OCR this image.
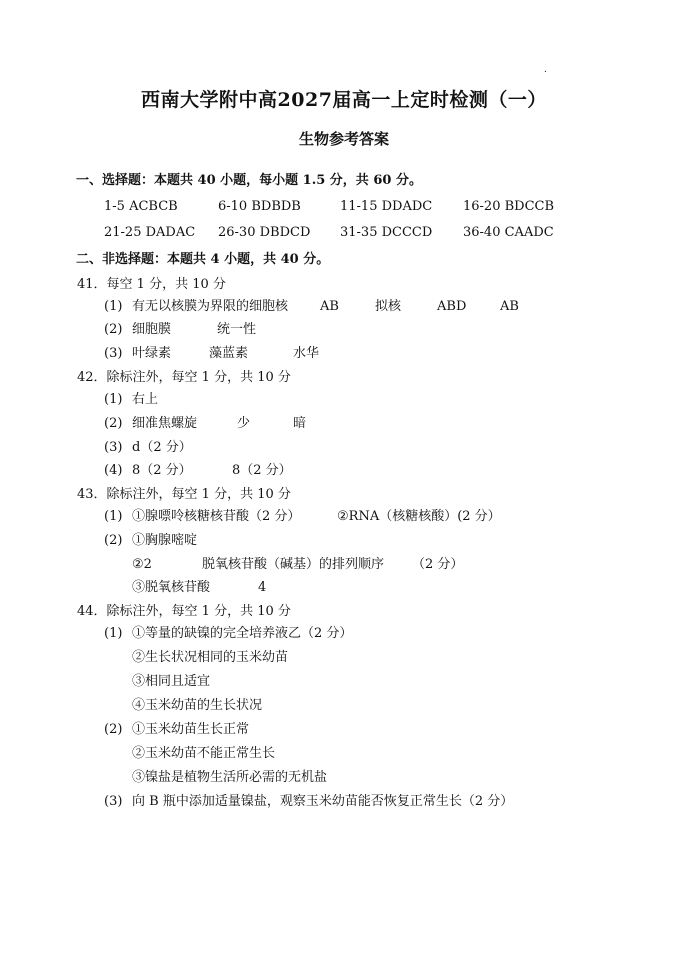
.
西南大学附中高2027届高一上定时检测（一）
生物参考答案
一、选择题：本题共 40 小题，每小题 1.5 分，共 60 分。
1-5 ACBCB	6-10 BDBDB	11-15 DDADC 16-20 BDCCB
21-25 DADAC 26-30 DBDCD 31-35 DCCCD 36-40 CAADC
二、非选择题：本题共 4 小题，共 40 分。
41．每空 1 分，共 10 分
(1) 有无以核膜为界限的细胞核 AB	拟核	ABD	AB
(2) 细胞膜	统一性
(3) 叶绿素	藻蓝素	水华
42．除标注外，每空 1 分，共 10 分
(1) 右上
(2) 细准焦螺旋	少	暗
(3) d（2 分）
(4) 8（2 分）	8（2 分）
43．除标注外，每空 1 分，共 10 分
(1) ①腺嘌呤核糖核苷酸（2 分）	②RNA（核糖核酸）(2 分）
(2) ①胸腺嘧啶
②2	脱氧核苷酸（碱基）的排列顺序 （2 分）
③脱氧核苷酸	4
44．除标注外，每空 1 分，共 10 分
(1) ①等量的缺镍的完全培养液乙（2 分）
②生长状况相同的玉米幼苗
③相同且适宜
④玉米幼苗的生长状况
(2) ①玉米幼苗生长正常
②玉米幼苗不能正常生长
③镍盐是植物生活所必需的无机盐
(3) 向 B 瓶中添加适量镍盐，观察玉米幼苗能否恢复正常生长（2 分）
